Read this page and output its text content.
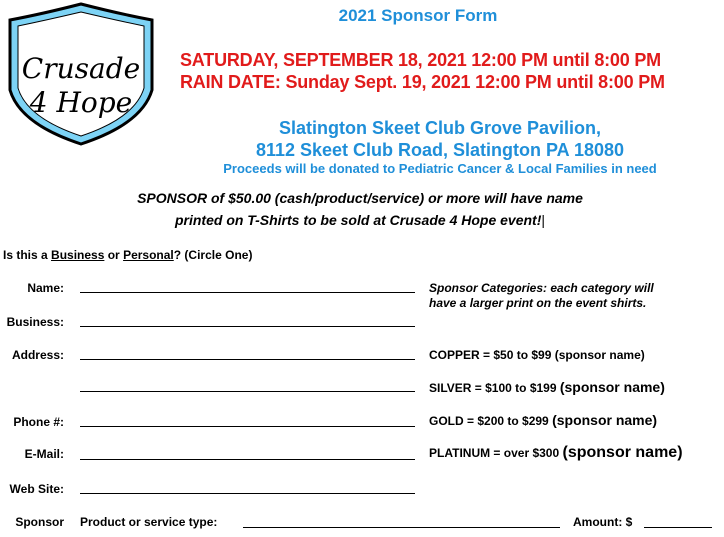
Crusade
4 Hope
2021 Sponsor Form
SATURDAY, SEPTEMBER 18, 2021 12:00 PM until 8:00 PM
RAIN DATE: Sunday Sept. 19, 2021 12:00 PM until 8:00 PM
Slatington Skeet Club Grove Pavilion,
8112 Skeet Club Road, Slatington PA 18080
Proceeds will be donated to Pediatric Cancer & Local Families in need
SPONSOR of $50.00 (cash/product/service) or more will have name
printed on T-Shirts to be sold at Crusade 4 Hope event!|
Is this a Business or Personal? (Circle One)
Name:
Business:
Address:
Phone #:
E-Mail:
Web Site:
Sponsor Categories: each category will
have a larger print on the event shirts.
COPPER = $50 to $99 (sponsor name)
SILVER = $100 to $199 (sponsor name)
GOLD = $200 to $299 (sponsor name)
PLATINUM = over $300 (sponsor name)
Sponsor Product or service type:	Amount: $
